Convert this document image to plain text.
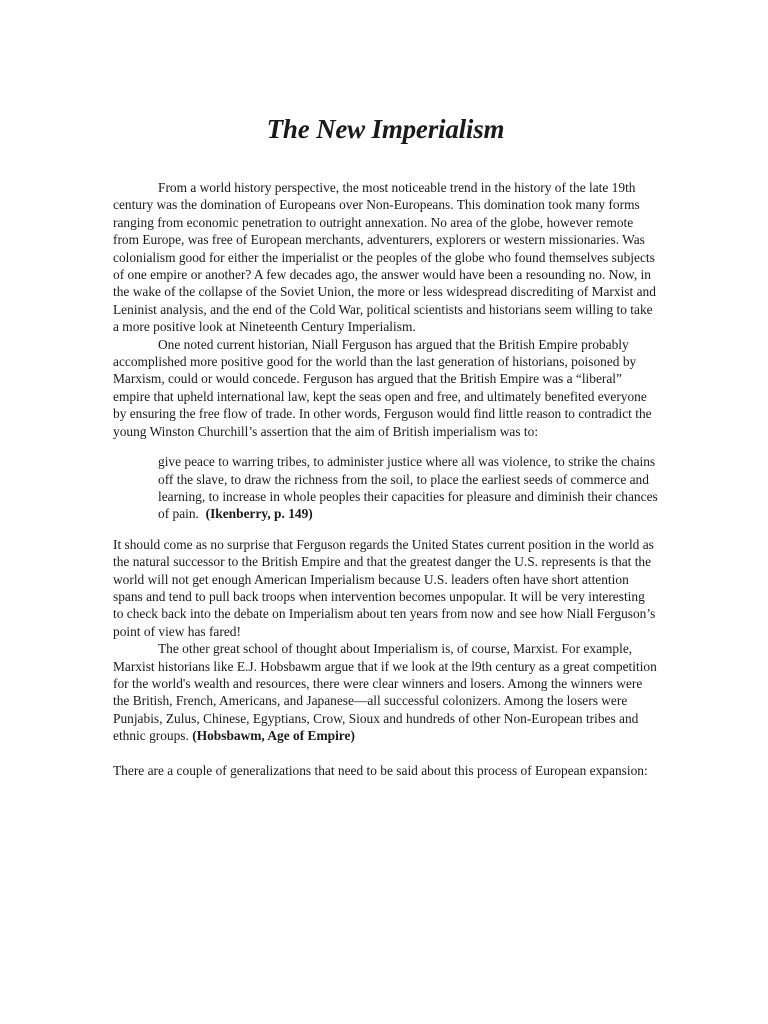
The New Imperialism

From a world history perspective, the most noticeable trend in the history of the late 19th century was the domination of Europeans over Non-Europeans. This domination took many forms ranging from economic penetration to outright annexation. No area of the globe, however remote from Europe, was free of European merchants, adventurers, explorers or western missionaries. Was colonialism good for either the imperialist or the peoples of the globe who found themselves subjects of one empire or another? A few decades ago, the answer would have been a resounding no. Now, in the wake of the collapse of the Soviet Union, the more or less widespread discrediting of Marxist and Leninist analysis, and the end of the Cold War, political scientists and historians seem willing to take a more positive look at Nineteenth Century Imperialism.

One noted current historian, Niall Ferguson has argued that the British Empire probably accomplished more positive good for the world than the last generation of historians, poisoned by Marxism, could or would concede. Ferguson has argued that the British Empire was a “liberal” empire that upheld international law, kept the seas open and free, and ultimately benefited everyone by ensuring the free flow of trade. In other words, Ferguson would find little reason to contradict the young Winston Churchill’s assertion that the aim of British imperialism was to:

give peace to warring tribes, to administer justice where all was violence, to strike the chains off the slave, to draw the richness from the soil, to place the earliest seeds of commerce and learning, to increase in whole peoples their capacities for pleasure and diminish their chances of pain. (Ikenberry, p. 149)

It should come as no surprise that Ferguson regards the United States current position in the world as the natural successor to the British Empire and that the greatest danger the U.S. represents is that the world will not get enough American Imperialism because U.S. leaders often have short attention spans and tend to pull back troops when intervention becomes unpopular. It will be very interesting to check back into the debate on Imperialism about ten years from now and see how Niall Ferguson’s point of view has fared!

The other great school of thought about Imperialism is, of course, Marxist. For example, Marxist historians like E.J. Hobsbawm argue that if we look at the l9th century as a great competition for the world's wealth and resources, there were clear winners and losers. Among the winners were the British, French, Americans, and Japanese—all successful colonizers. Among the losers were Punjabis, Zulus, Chinese, Egyptians, Crow, Sioux and hundreds of other Non-European tribes and ethnic groups. (Hobsbawm, Age of Empire)

There are a couple of generalizations that need to be said about this process of European expansion:
